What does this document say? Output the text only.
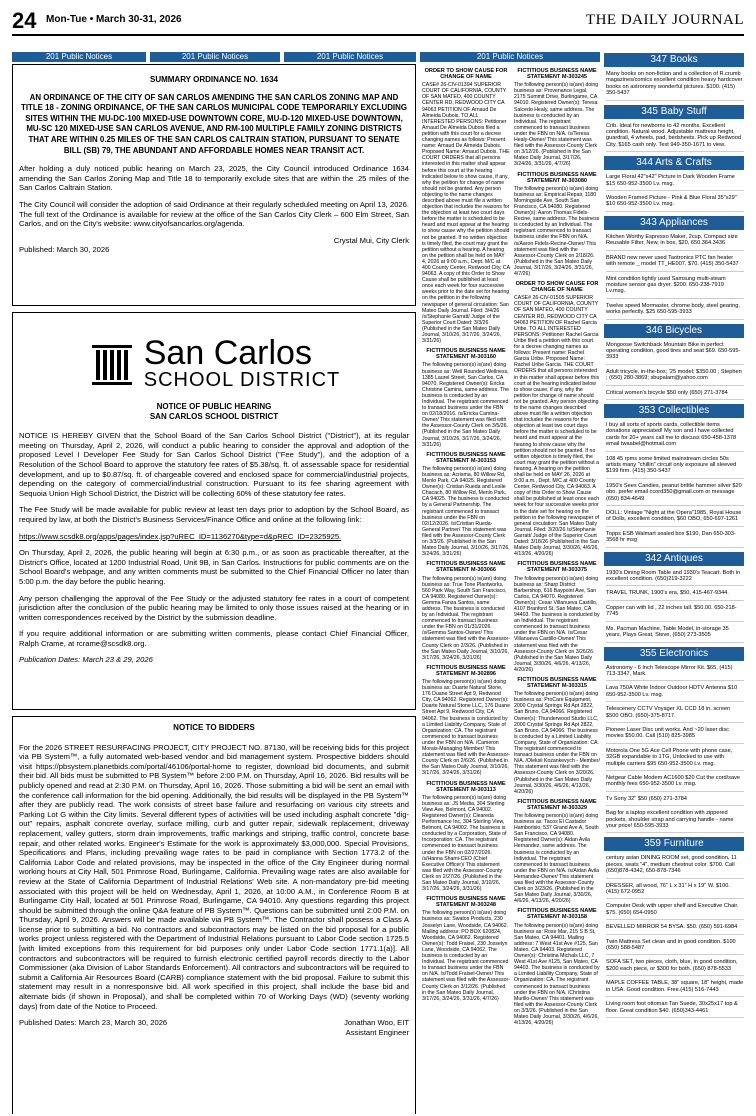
24 Mon-Tue • March 30-31, 2026	THE DAILY JOURNAL
201 Public Notices	201 Public Notices	201 Public Notices	201 Public Notices
SUMMARY ORDINANCE NO. 1634
AN ORDINANCE OF THE CITY OF SAN CARLOS AMENDING THE SAN CARLOS ZONING MAP AND TITLE 18 - ZONING ORDINANCE, OF THE SAN CARLOS MUNICIPAL CODE TEMPORARILY EXCLUDING SITES WITHIN THE MU-DC-100 MIXED-USE DOWNTOWN CORE, MU-D-120 MIXED-USE DOWNTOWN, MU-SC 120 MIXED-USE SAN CARLOS AVENUE, AND RM-100 MULTIPLE FAMILY ZONING DISTRICTS THAT ARE WITHIN 0.25 MILES OF THE SAN CARLOS CALTRAIN STATION, PURSUANT TO SENATE BILL (SB) 79, THE ABUNDANT AND AFFORDABLE HOMES NEAR TRANSIT ACT.

After holding a duly noticed public hearing on March 23, 2025, the City Council introduced Ordinance 1634 amending the San Carlos Zoning Map and Title 18 to temporarily exclude sites that are within the .25 miles of the San Carlos Caltrain Station.

The City Council will consider the adoption of said Ordinance at their regularly scheduled meeting on April 13, 2026. The full text of the Ordinance is available for review at the office of the San Carlos City Clerk – 600 Elm Street, San Carlos, and on the City's website: www.cityofsancarlos.org/agenda.

Crystal Mui, City Clerk
Published: March 30, 2026
San Carlos
SCHOOL DISTRICT
NOTICE OF PUBLIC HEARING
SAN CARLOS SCHOOL DISTRICT

NOTICE IS HEREBY GIVEN that the School Board of the San Carlos School District ("District"), at its regular meeting on Thursday, April 2, 2026, will conduct a public hearing to consider the approval and adoption of the proposed Level I Developer Fee Study for San Carlos School District ("Fee Study"), and the adoption of a Resolution of the School Board to approve the statutory fee rates of $5.38/sq. ft. of assessable space for residential development, and up to $0.87/sq. ft. of chargeable covered and enclosed space for commercial/industrial projects, depending on the category of commercial/industrial construction. Pursuant to its fee sharing agreement with Sequoia Union High School District, the District will be collecting 60% of these statutory fee rates.

The Fee Study will be made available for public review at least ten days prior to adoption by the School Board, as required by law, at both the District's Business Services/Finance Office and online at the following link:

https://www.scsdk8.org/apps/pages/index.jsp?uREC_ID=1136270&type=d&pREC_ID=2325925.

On Thursday, April 2, 2026, the public hearing will begin at 6:30 p.m., or as soon as practicable thereafter, at the District's Office, located at 1200 Industrial Road, Unit 9B, in San Carlos. Instructions for public comments are on the School Board's webpage, and any written comments must be submitted to the Chief Financial Officer no later than 5:00 p.m. the day before the public hearing.

Any person challenging the approval of the Fee Study or the adjusted statutory fee rates in a court of competent jurisdiction after the conclusion of the public hearing may be limited to only those issues raised at the hearing or in written correspondences received by the District by the submission deadline.

If you require additional information or are submitting written comments, please contact Chief Financial Officer, Ralph Crame, at rcrame@scsdk8.org.

Publication Dates: March 23 & 29, 2026

NOTICE TO BIDDERS

For the 2026 STREET RESURFACING PROJECT, CITY PROJECT NO. 87130, will be receiving bids for this project via PB System™, a fully automated web-based vendor and bid management system. Prospective bidders should visit https://pbsystem.planetbids.com/portal/46106/portal-home to register, download bid documents, and submit their bid. All bids must be submitted to PB System™ before 2:00 P.M. on Thursday, April 16, 2026. Bid results will be publicly opened and read at 2:30 P.M. on Thursday, April 16, 2026. Those submitting a bid will be sent an email with the conference call information for the bid opening. Additionally, the bid results will be displayed in the PB System™ after they are publicly read. The work consists of street base failure and resurfacing on various city streets and Parking Lot G within the City limits. Several different types of activities will be used including asphalt concrete "dig-out" repairs, asphalt concrete overlay, surface milling, curb and gutter repair, sidewalk replacement, driveway replacement, valley gutters, storm drain improvements, traffic markings and striping, traffic control, concrete base repair, and other related works. Engineer's Estimate for the work is approximately $3,000,000. Special Provisions, Specifications and Plans, including prevailing wage rates to be paid in compliance with Section 1773.2 of the California Labor Code and related provisions, may be inspected in the office of the City Engineer during normal working hours at City Hall, 501 Primrose Road, Burlingame, California. Prevailing wage rates are also available for review at the State of California Department of Industrial Relations' Web site. A non-mandatory pre-bid meeting associated with this project will be held on Wednesday, April 1, 2026, at 10:00 A.M., in Conference Room B at Burlingame City Hall, located at 501 Primrose Road, Burlingame, CA 94010. Any questions regarding this project should be submitted through the online Q&A feature of PB System™. Questions can be submitted until 2:00 P.M. on Thursday, April 9, 2026. Answers will be made available via PB System™. The Contractor shall possess a Class A license prior to submitting a bid. No contractors and subcontractors may be listed on the bid proposal for a public works project unless registered with the Department of Industrial Relations pursuant to Labor Code section 1725.5 [with limited exceptions from this requirement for bid purposes only under Labor Code section 1771.1(a)]. All contractors and subcontractors will be required to furnish electronic certified payroll records directly to the Labor Commissioner (aka Division of Labor Standards Enforcement). All contractors and subcontractors will be required to submit a California Air Resources Board (CARB) compliance statement with the bid proposal. Failure to submit this statement may result in a nonresponsive bid. All work specified in this project, shall include the base bid and alternate bids (if shown in Proposal), and shall be completed within 70 of Working Days (WD) (seventy working days) from date of the Notice to Proceed.

Published Dates: March 23, March 30, 2026	Jonathan Woo, EIT
Assistant Engineer
ORDER TO SHOW CAUSE FOR CHANGE OF NAME

CASE# 26-CIV-01394 SUPERIOR COURT OF CALIFORNIA, COUNTY OF SAN MATEO, 400 COUNTY CENTER RD, REDWOOD CITY CA 94063 PETITION OF Arnaud De Almeida Dubois. TO ALL INTERESTED PERSONS: Petitioner Arnaud De Almeida Dubois filed a petition with this court for a decree changing names as follows: Present name: Arnaud De Almeida Dubois. Proposed Name: Arnaud Dubois. THE COURT ORDERS that all persons interested in this matter shall appear before this court at the hearing indicated below to show cause, if any, why the petition for change of name should not be granted. Any person objecting to the name changes described above must file a written objection that includes the reasons for the objection at least two court days before the matter is scheduled to be heard and must appear at the hearing to show cause why the petition should not be granted. If no written objection is timely filed, the court may grant the petition without a hearing. A hearing on the petition shall be held on MAY 4, 2026 at 9:00 a.m., Dept. M/C at 400 County Center, Redwood City, CA 94063. A copy of this Order to Show Cause shall be published at least once each week for four successive weeks prior to the date set for hearing on the petition in the following newspaper of general circulation: San Mateo Daily Journal. Filed: 3/4/26 /s/Stephanie Garratt/ Judge of the Superior Court Dated: 3/3/26 (Published in the San Mateo Daily Journal, 3/10/26, 3/17/26, 3/24/26, 3/31/26)

FICTITIOUS BUSINESS NAME STATEMENT M-303160

The following person(s) is(are) doing business as: Well Rounded Wellness, 1385 Laurel Street, San Carlos, CA 94070. Registered Owner(s): Ericka Christine Camina, same address. The business is conducted by an Individual. The registrant commenced to transact business under the FBN on 02/18/2016. /s/Ericka Camina-Owner/ This statement was filed with the Assessor-County Clerk on 3/5/26. (Published in the San Mateo Daily Journal, 3/10/26, 3/17/26, 3/24/26, 3/31/26)

FICTITIOUS BUSINESS NAME STATEMENT M-303153

The following person(s) is(are) doing business as: Acrisma, 80 Willow Rd, Menlo Park, CA 94025. Registered Owner(s): Cristian Rueda and Leslie Chacach, 80 Willow Rd, Menlo Park, CA 94025. The business is conducted by a General Partnership. The registrant commenced to transact business under the FBN on 02/12/2026. /s/Cristian Rueda-General Partner/ This statement was filed with the Assessor-County Clerk on 3/3/26. (Published in the San Mateo Daily Journal, 3/10/26, 3/17/26, 3/24/26, 3/31/26)

FICTITIOUS BUSINESS NAME STATEMENT M-303066

The following person(s) is(are) doing business as: True Tone Plantworks, 560 Park Way, South San Francisco, CA 94080. Registered Owner(s): Gemma Fanza Santos, same address. The business is conducted by an Individual. The registrant commenced to transact business under the FBN on 01/31/2026. /s/Gemma Santos-Owner/ This statement was filed with the Assessor-County Clerk on 2/3/26. (Published in the San Mateo Daily Journal, 3/10/26, 3/17/26, 3/24/26, 3/31/26)

FICTITIOUS BUSINESS NAME STATEMENT M-302896

The following person(s) is(are) doing business as: Duarte Natural Stone, 176 Duane Street Apt 9, Redwood City, CA 94062. Registered Owner(s): Duarte Natural Stone LLC, 176 Duane Street Apt 9, Redwood City, CA 94062. The business is conducted by a Limited Liability Company, State of Organization: CA. The registrant commenced to transact business under the FBN on N/A. /Cameron Morais-Managing Member/ This statement was filed with the Assessor-County Clerk on 2/6/26. (Published in the San Mateo Daily Journal, 3/10/26, 3/17/26, 3/24/26, 3/31/26)

FICTITIOUS BUSINESS NAME STATEMENT M-303113

The following person(s) is(are) doing business as: JS Media, 304 Sterling View Ave, Belmont, CA 94002. Registered Owner(s): Cleareda Performance Inc, 304 Sterling View, Belmont, CA 94002. The business is conducted by a Corporation, State of Incorporation: CA. The registrant commenced to transact business under the FBN on 02/27/2026. /s/Hanna Shami-CEO (Chief Executive Officer)/ This statement was filed with the Assessor-County Clerk on 2/27/26. (Published in the San Mateo Daily Journal, 3/10/26, 3/17/26, 3/24/26, 3/31/26)

FICTITIOUS BUSINESS NAME STATEMENT M-303248

The following person(s) is(are) doing business as: Swatos Products, 230 Josselyn Lane, Woodside, CA 94062. Mailing address: PO BOX 620824, Woodside, CA 94062. Registered Owner(s): Todd Fraisel, 230 Josselyn Lane, Woodside, CA 94062. The business is conducted by an Individual. The registrant commenced to transact business under the FBN on N/A. /s/Todd Fraisel-Owner/ This statement was filed with the Assessor-County Clerk on 3/12/26. (Published in the San Mateo Daily Journal, 3/17/26, 3/24/26, 3/31/26, 4/7/26)

FICTITIOUS BUSINESS NAME STATEMENT M-303245

The following person(s) is(are) doing business as: Provenance Legal, 2175 Summit Drive, Burlingame, CA 94010. Registered Owner(s): Teresa Salcedo Healy, same address. The business is conducted by an Individual. The registrant commenced to transact business under the FBN on N/A. /s/Teresa Healy-Owner/ This statement was filed with the Assessor-County Clerk on 3/12/26. (Published in the San Mateo Daily Journal, 3/17/26, 3/24/26, 3/31/26, 4/7/26)

FICTITIOUS BUSINESS NAME STATEMENT M-303080

The following person(s) is(are) doing business as: Empirical Repair, 1180 Morningside Ave, South San Francisco, CA 94080. Registered Owner(s): Aaron Thomas Fidels-Recine, same address. The business is conducted by an Individual. The registrant commenced to transact business under the FBN on N/A. /s/Aaron Fidels-Recine-Owner/ This statement was filed with the Assessor-County Clerk on 2/18/26. (Published in the San Mateo Daily Journal, 3/17/26, 3/24/26, 3/31/26, 4/7/26)

ORDER TO SHOW CAUSE FOR CHANGE OF NAME

CASE# 26-CIV-01505 SUPERIOR COURT OF CALIFORNIA, COUNTY OF SAN MATEO, 400 COUNTY CENTER RD, REDWOOD CITY CA 94063 PETITION OF Rachel Garcia Uribe. TO ALL INTERESTED PERSONS: Petitioner Rachel Garcia Uribe filed a petition with this court for a decree changing names as follows: Present name: Rachel Garcia Uribe. Proposed Name: Rachel Uribe Garcia. THE COURT ORDERS that all persons interested in this matter shall appear before this court at the hearing indicated below to show cause, if any, why the petition for change of name should not be granted. Any person objecting to the name changes described above must file a written objection that includes the reasons for the objection at least two court days before the matter is scheduled to be heard and must appear at the hearing to show cause why the petition should not be granted. If no written objection is timely filed, the court may grant the petition without a hearing. A hearing on the petition shall be held on MAY 26, 2026 at 9:00 a.m., Dept. M/C at 400 County Center, Redwood City, CA 94063. A copy of this Order to Show Cause shall be published at least once each week for four successive weeks prior to the date set for hearing on the petition in the following newspaper of general circulation: San Mateo Daily Journal. Filed: 3/20/26 /s/Stephanie Garratt/ Judge of the Superior Court Dated: 3/18/26 (Published in the San Mateo Daily Journal, 3/30/26, 4/6/26, 4/13/26, 4/20/26)

FICTITIOUS BUSINESS NAME STATEMENT M-303375

The following person(s) is(are) doing business as: Sharp District Barbershop, 616 Baypoint Ave, San Carlos, CA 94070. Registered Owner(s): Cesar Villanueva Castillo, 4107 Branford St, San Mateo, CA 94403. The business is conducted by an Individual. The registrant commenced to transact business under the FBN on N/A. /s/Cesar Villanueva Castillo-Owner/ This statement was filed with the Assessor-County Clerk on 3/26/26. (Published in the San Mateo Daily Journal, 3/30/26, 4/6/26, 4/13/26, 4/20/26)

FICTITIOUS BUSINESS NAME STATEMENT M-303315

The following person(s) is(are) doing business as: ProCare Equipment, 2000 Crystal Springs Rd Apt 2822, San Bruno, CA 94066. Registered Owner(s): Thunderwood Studio LLC, 2000 Crystal Springs Rd Apt 2822, San Bruno, CA 94066. The business is conducted by a Limited Liability Company, State of Organization: CA. The registrant commenced to transact business under the FBN on N/A. /Oleksii Kozankevych - Member/ This statement was filed with the Assessor-County Clerk on 3/20/26. (Published in the San Mateo Daily Journal, 3/30/26, 4/6/26, 4/13/26, 4/20/26)

FICTITIOUS BUSINESS NAME STATEMENT M-303329

The following person(s) is(are) doing business as: Tacos El Castador Hamborisio, 537 Grand Ave A, South San Francisco, CA 94080. Registered Owner(s): Aidan Avila Hernandez, same address. The business is conducted by an Individual. The registrant commenced to transact business under the FBN on N/A. /s/Aidan Avila Hernandez-Owner/ This statement was filed with the Assessor-County Clerk on 3/23/26. (Published in the San Mateo Daily Journal, 3/30/26, 4/6/26, 4/13/26, 4/20/26)

FICTITIOUS BUSINESS NAME STATEMENT M-303158

The following person(s) is(are) doing business as: Rose Mar, 215 S B St, San Mateo, CA 94401. Mailing address: 7 West 41st Ave #125, San Mateo, CA 94403. Registered Owner(s): Christina Michals LLC, 7 West 41st Ave #125, San Mateo, CA 94403. The business is conducted by a Limited Liability Company, State of Organization: CA. The registrant commenced to transact business under the FBN on N/A. /Christina Murillo-Owner/ This statement was filed with the Assessor-County Clerk on 3/3/26. (Published in the San Mateo Daily Journal, 3/30/26, 4/6/26, 4/13/26, 4/20/26)

347 Books
Many books on non-fiction and a collection of R.crumb magazines/comics excellent condition heavy hardcover books on astronomy wonderful pictures. $100. (415) 350-5437
345 Baby Stuff
Crib. Ideal for newborns to 42 months. Excellent condition. Natural wood. Adjustable mattress height, guardrail, 4 wheels, pad, bedsheets. Pick up Redwood City. $165 cash only. Text 949-350-1671 to view.
344 Arts & Crafts
Large Floral 42"x42" Picture in Dark Wooden Frame $15 650-952-3500 Lv. msg.
Wooden Framed Picture - Pink & Blue Floral 35"x29" $10 650-952-3500 Lv. msg.
343 Appliances
Kitchen Worthy Espresso Maker, 2cup, Compact size Reusable Filter, New, in box, $20, 650.364.3436
BRAND new never used Taotronics PTC fan heater with remote _ model TT_HE007. $70. (415) 350-5437
Mint condition lightly used Samsung multi-steam moisture sensor gas dryer. $200. 650-238-7919 Lv.msg.
Twelve speed Mormaster, chrome body, steel gearing, works perfectly. $25 650-595-3933
346 Bicycles
Mongoose Switchback Mountain Bike in perfect operating condition, good tires and seat $69. 650-595-3933
Adult tricycle, in-the-box; '25 model; $350.00 ; Stephen ; (650) 280-3869; sbupalam@yahoo.com
Critical women's bicycle $50 only (650) 271-3784
353 Collectibles
I buy all sorts of sports cards, collectible items donations appreciated! My son and I have collected cards for 20+ years call me to discuss 650-458-1378 email twaabel@hotmail.com
108 45 rpms some limited mainstream circles 50s artists many "chillin" circuit only exposure all sleeved $199 firm. (415) 350-5437
1950's Sees Candies, peanut brittle hammer silver $20 obo. prefer email ccord350@gmail.com or message (650) 834-4649
DOLL: Vintage "Night at the Opera"1985, Royal House of Dolls, excellent condition, $60 OBO, 650-697-1261
Topps ESB Walmart sealed box $190, Dan 650-303-3568 hr msg
342 Antiques
1930's Dining Room Table and 1930's Teacart. Both in excellent condition. (650)219-3222
TRAVEL TRUNK, 1900's era, $50, 415-467-9344.
Copper can with lid , 22 inches tall. $50.00. 650-218-7745
Ms. Pacman Machine, Table Model, in-storage 35 years, Plays Great, Steve, (650) 273-3505
355 Electronics
Astronomy - 6 Inch Telescope Mirror Kit. $65, (415) 713-3347, Mark.
Lava 750A White Indoor Outdoor HDTV Antenna $10 650-952-3500 Lv. msg.
Telescenery CCTV Voyager XL CCD 18 in. screen $500 OBO. (650)-375-8717.
Pioneer Laser Disc unit works. And ~20 laser disc movies $50.00. Call (510) 825-3985
Motorola One 5G Ace Cell Phone with phone case, 32GB expandable to 1TG, Unlocked to use with multiple carriers $95 650-952-3500 Lv. msg.
Netgear Cable Modem AC1600 $20 Cut the cord/save monthly fees 650-952-3500 Lv. msg.
Tv Sony 32" $50 (650) 271-3784
Bag for a laptop excellent condition with zippered pockets, shoulder strap and carrying handle - name your price! 650-595-3933
359 Furniture
century asian DINING ROOM set, good condition, 11 pieces, seats "4", medium chestnut color. $700. Call (650)878-4342, 650-878-7346
DRESSER, all wood, 76" L x 31" H x 19" W. $100. (415) 672-0952
Computer Desk with upper shelf and Executive Chair. $75. (650) 654-0950
BEVELLED MIRROR 54 BYSA. $50. (650) 591-6984
Twin Mattress Set clean and in good condition. $100 (650) 588-5487
SOFA SET, two pieces, cloth, blue, in good condition, $200 each piece, or $300 for both. (650) 878-5533
MAPLE COFFEE TABLE, 38" square, 18" height, made in USA. Good condition. Free.(415) 516-7443
Living room foot ottoman Tan Suede, 30x25x17 top & floor. Great condition $40. (650)343-4461
